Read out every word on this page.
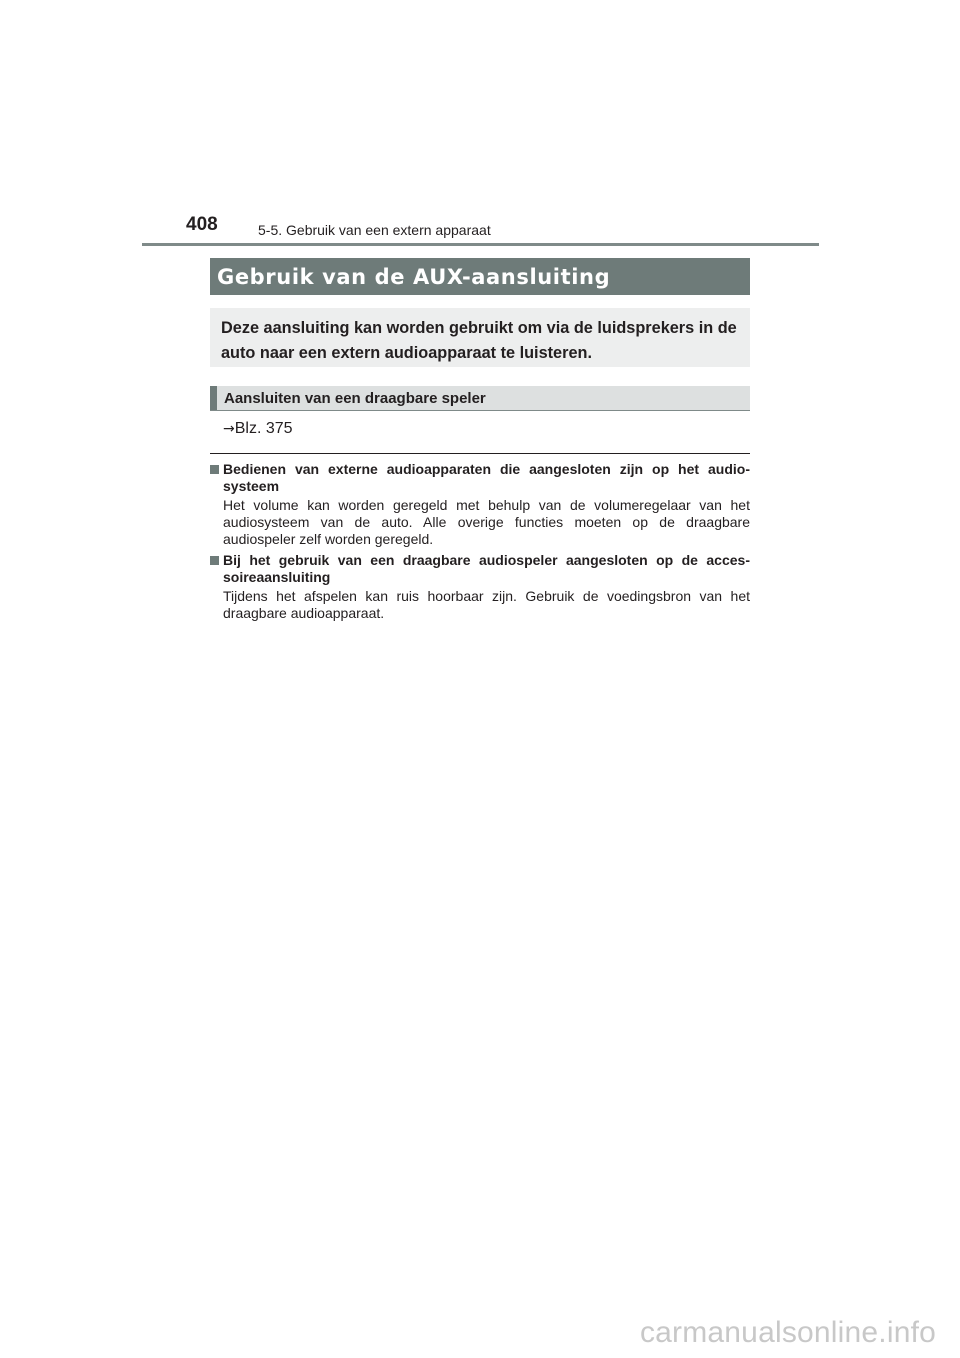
408	5-5. Gebruik van een extern apparaat
Gebruik van de AUX-aansluiting

Deze aansluiting kan worden gebruikt om via de luidsprekers in de auto naar een extern audioapparaat te luisteren.

Aansluiten van een draagbare speler
→Blz. 375
Bedienen van externe audioapparaten die aangesloten zijn op het audio-systeem
Het volume kan worden geregeld met behulp van de volumeregelaar van het audiosysteem van de auto. Alle overige functies moeten op de draagbare audiospeler zelf worden geregeld.
Bij het gebruik van een draagbare audiospeler aangesloten op de acces-soireaansluiting
Tijdens het afspelen kan ruis hoorbaar zijn. Gebruik de voedingsbron van het draagbare audioapparaat.
carmanualsonline.info
